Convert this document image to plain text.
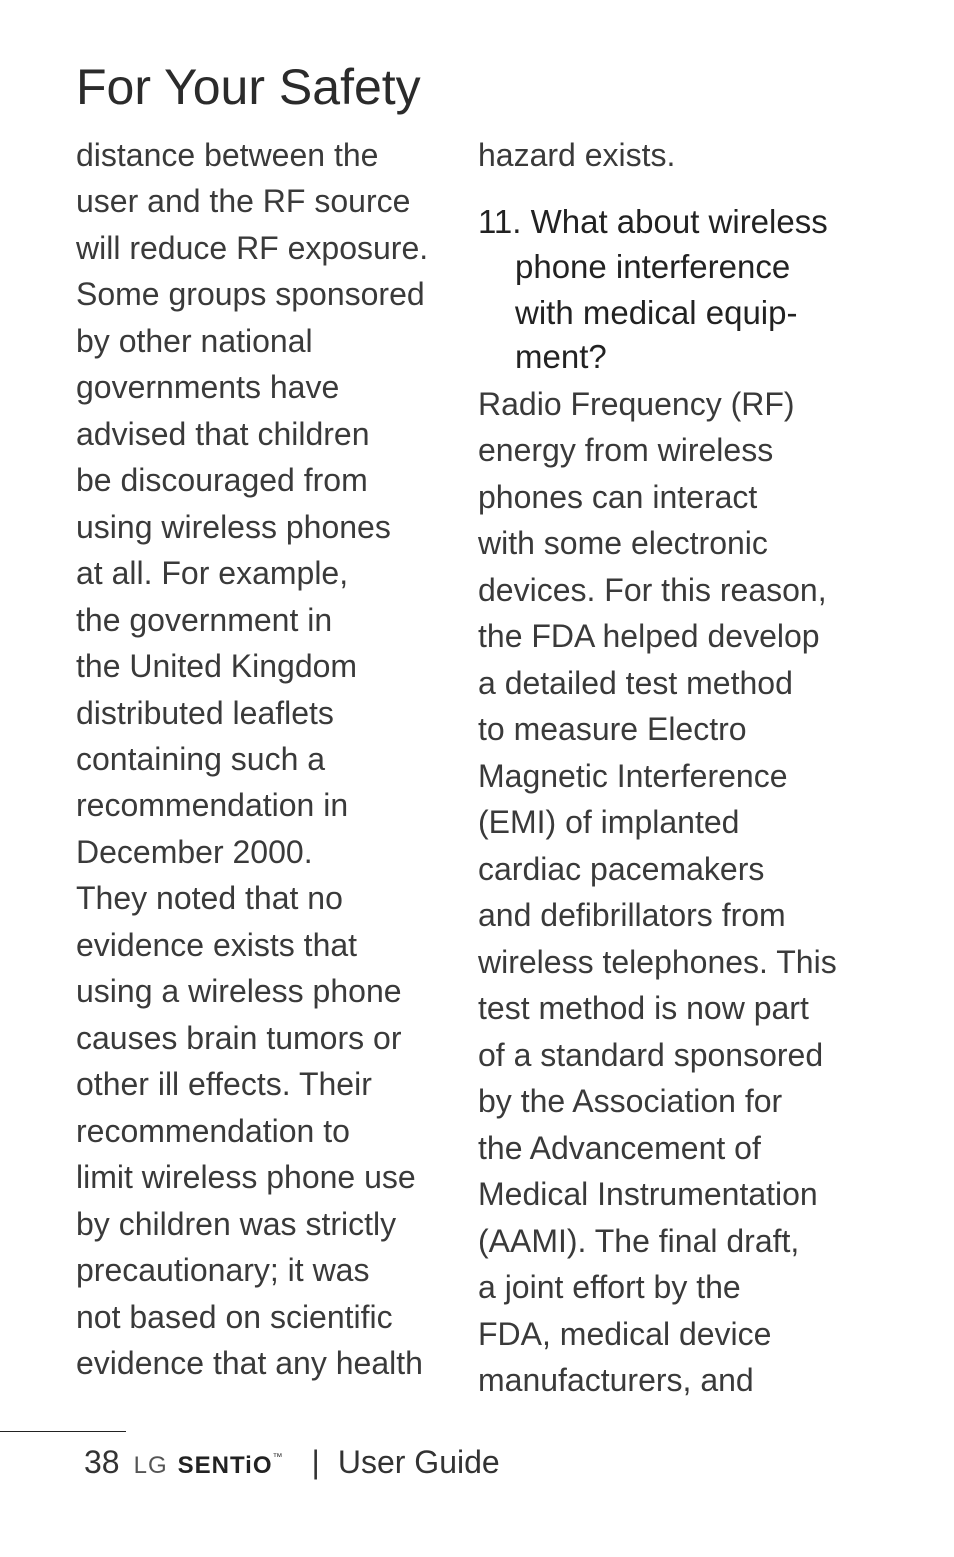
For Your Safety
distance between the
user and the RF source
will reduce RF exposure.
Some groups sponsored
by other national
governments have
advised that children
be discouraged from
using wireless phones
at all. For example,
the government in
the United Kingdom
distributed leaflets
containing such a
recommendation in
December 2000.
They noted that no
evidence exists that
using a wireless phone
causes brain tumors or
other ill effects. Their
recommendation to
limit wireless phone use
by children was strictly
precautionary; it was
not based on scientific
evidence that any health
hazard exists.
11. What about wireless
phone interference
with medical equip-
ment?
Radio Frequency (RF)
energy from wireless
phones can interact
with some electronic
devices. For this reason,
the FDA helped develop
a detailed test method
to measure Electro
Magnetic Interference
(EMI) of implanted
cardiac pacemakers
and defibrillators from
wireless telephones. This
test method is now part
of a standard sponsored
by the Association for
the Advancement of
Medical Instrumentation
(AAMI). The final draft,
a joint effort by the
FDA, medical device
manufacturers, and
38 LG SENTiO™ | User Guide
